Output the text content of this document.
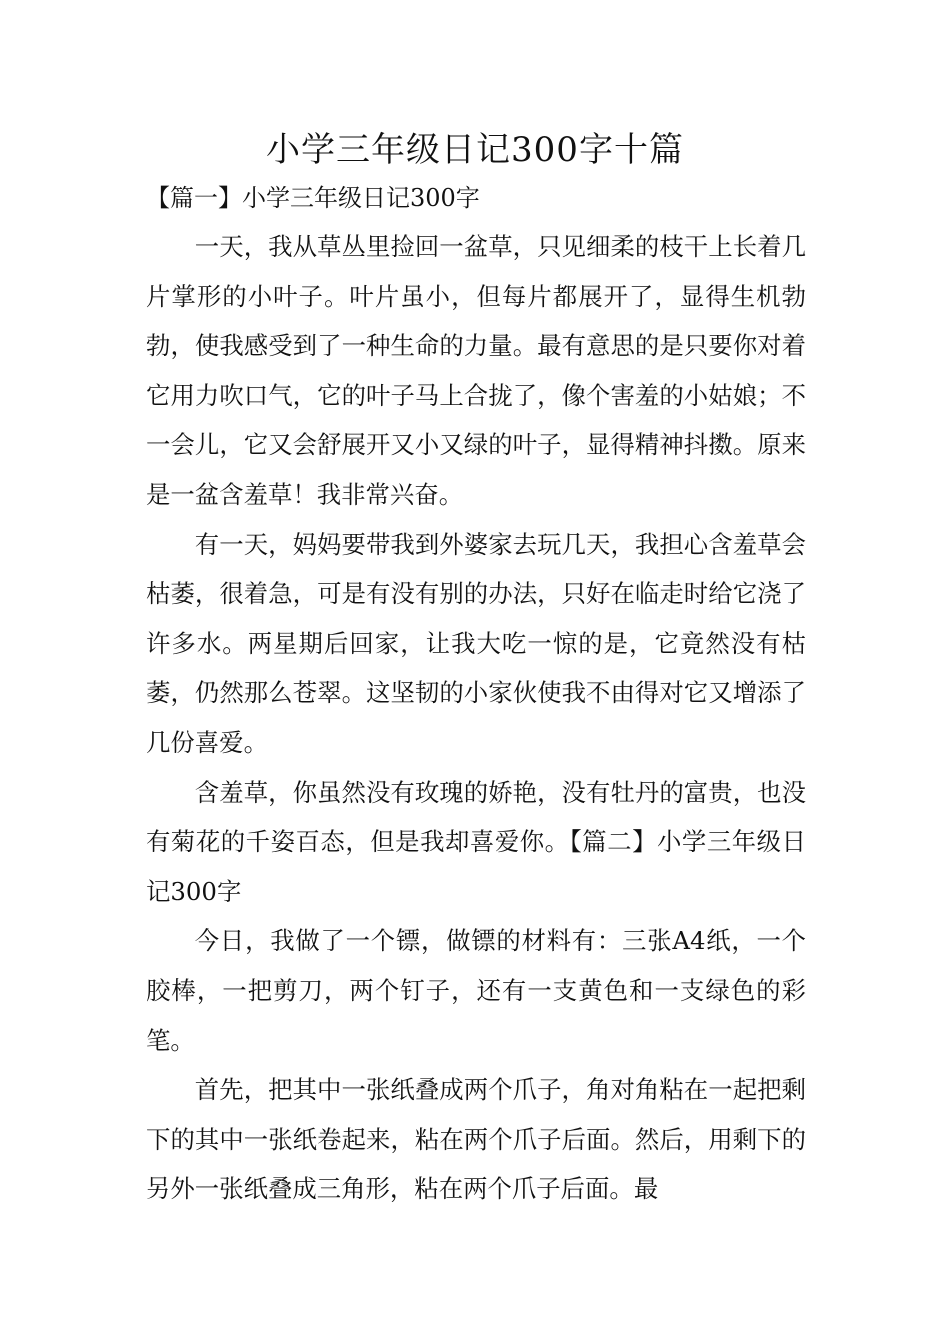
小学三年级日记300字十篇

【篇一】小学三年级日记300字

一天，我从草丛里捡回一盆草，只见细柔的枝干上长着几片掌形的小叶子。叶片虽小，但每片都展开了，显得生机勃勃，使我感受到了一种生命的力量。最有意思的是只要你对着它用力吹口气，它的叶子马上合拢了，像个害羞的小姑娘；不一会儿，它又会舒展开又小又绿的叶子，显得精神抖擞。原来是一盆含羞草！我非常兴奋。

有一天，妈妈要带我到外婆家去玩几天，我担心含羞草会枯萎，很着急，可是有没有别的办法，只好在临走时给它浇了许多水。两星期后回家，让我大吃一惊的是，它竟然没有枯萎，仍然那么苍翠。这坚韧的小家伙使我不由得对它又增添了几份喜爱。

含羞草，你虽然没有玫瑰的娇艳，没有牡丹的富贵，也没有菊花的千姿百态，但是我却喜爱你。【篇二】小学三年级日记300字

今日，我做了一个镖，做镖的材料有：三张A4纸，一个胶棒，一把剪刀，两个钉子，还有一支黄色和一支绿色的彩笔。

首先，把其中一张纸叠成两个爪子，角对角粘在一起把剩下的其中一张纸卷起来，粘在两个爪子后面。然后，用剩下的另外一张纸叠成三角形，粘在两个爪子后面。最
